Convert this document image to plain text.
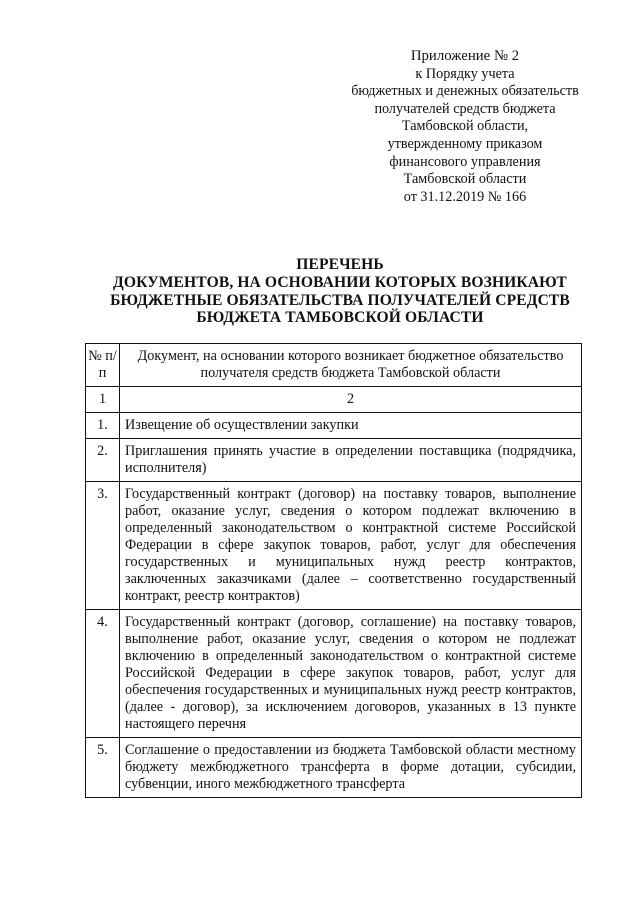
Приложение № 2
к Порядку учета
бюджетных и денежных обязательств
получателей средств бюджета
Тамбовской области,
утвержденному приказом
финансового управления
Тамбовской области
от 31.12.2019 № 166
ПЕРЕЧЕНЬ
ДОКУМЕНТОВ, НА ОСНОВАНИИ КОТОРЫХ ВОЗНИКАЮТ
БЮДЖЕТНЫЕ ОБЯЗАТЕЛЬСТВА ПОЛУЧАТЕЛЕЙ СРЕДСТВ
БЮДЖЕТА ТАМБОВСКОЙ ОБЛАСТИ
№ п/п	Документ, на основании которого возникает бюджетное обязательство получателя средств бюджета Тамбовской области
1	2
1.	Извещение об осуществлении закупки
2.	Приглашения принять участие в определении поставщика (подрядчика, исполнителя)
3.	Государственный контракт (договор) на поставку товаров, выполнение работ, оказание услуг, сведения о котором подлежат включению в определенный законодательством о контрактной системе Российской Федерации в сфере закупок товаров, работ, услуг для обеспечения государственных и муниципальных нужд реестр контрактов, заключенных заказчиками (далее – соответственно государственный контракт, реестр контрактов)
4.	Государственный контракт (договор, соглашение) на поставку товаров, выполнение работ, оказание услуг, сведения о котором не подлежат включению в определенный законодательством о контрактной системе Российской Федерации в сфере закупок товаров, работ, услуг для обеспечения государственных и муниципальных нужд реестр контрактов, (далее - договор), за исключением договоров, указанных в 13 пункте настоящего перечня
5.	Соглашение о предоставлении из бюджета Тамбовской области местному бюджету межбюджетного трансферта в форме дотации, субсидии, субвенции, иного межбюджетного трансферта
